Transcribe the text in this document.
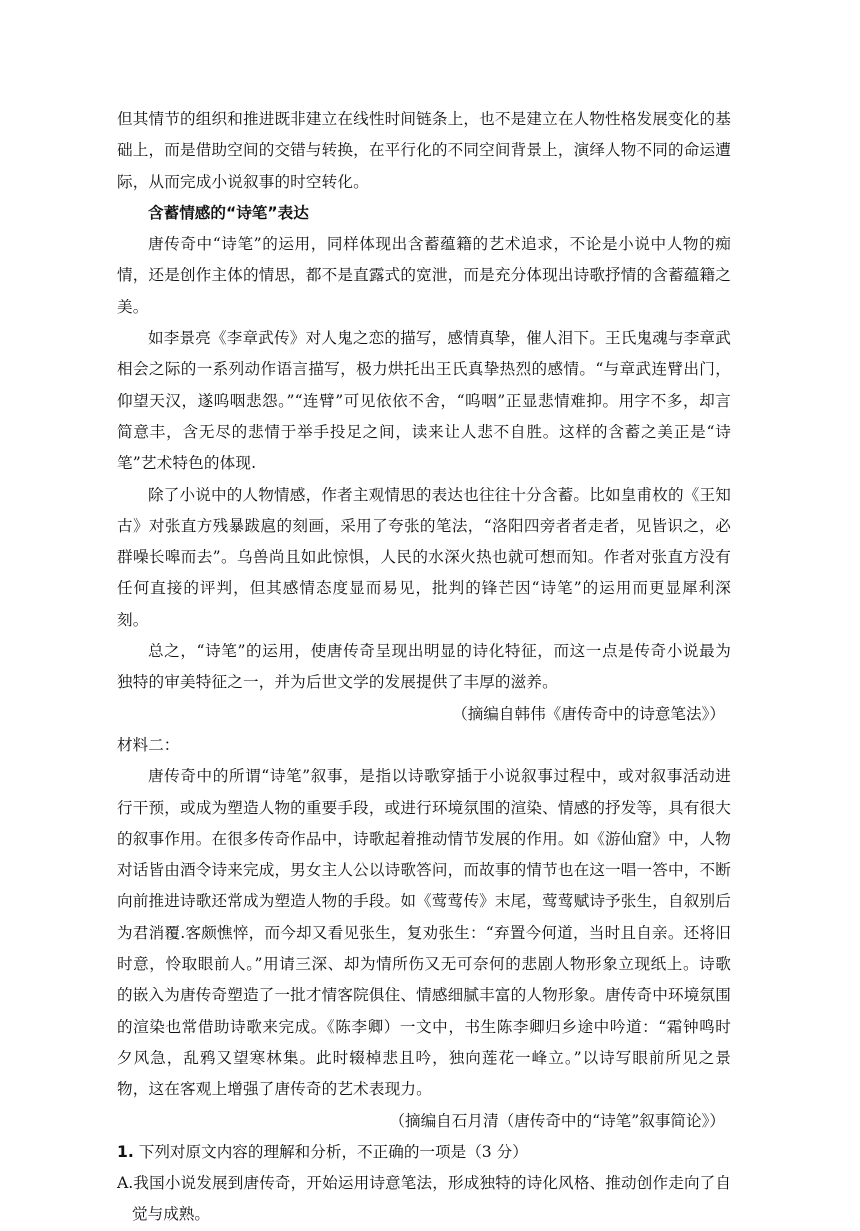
但其情节的组织和推进既非建立在线性时间链条上，也不是建立在人物性格发展变化的基础上，而是借助空间的交错与转换，在平行化的不同空间背景上，演绎人物不同的命运遭际，从而完成小说叙事的时空转化。

含蓄情感的“诗笔”表达

唐传奇中“诗笔”的运用，同样体现出含蓄蕴籍的艺术追求，不论是小说中人物的痴情，还是创作主体的情思，都不是直露式的宽泄，而是充分体现出诗歌抒情的含蓄蕴籍之美。

如李景亮《李章武传》对人鬼之恋的描写，感情真挚，催人泪下。王氏鬼魂与李章武相会之际的一系列动作语言描写，极力烘托出王氏真挚热烈的感情。“与章武连臂出门，仰望天汉，遂呜咽悲怨。”“连臂”可见依依不舍，“呜咽”正显悲情难抑。用字不多，却言简意丰，含无尽的悲情于举手投足之间，读来让人悲不自胜。这样的含蓄之美正是“诗笔”艺术特色的体现.

除了小说中的人物情感，作者主观情思的表达也往往十分含蓄。比如皇甫枚的《王知古》对张直方残暴跋扈的刻画，采用了夸张的笔法，“洛阳四旁者者走者，见皆识之，必群噪长嗥而去”。乌兽尚且如此惊惧，人民的水深火热也就可想而知。作者对张直方没有任何直接的评判，但其感情态度显而易见，批判的锋芒因“诗笔”的运用而更显犀利深刻。

总之，“诗笔”的运用，使唐传奇呈现出明显的诗化特征，而这一点是传奇小说最为独特的审美特征之一，并为后世文学的发展提供了丰厚的滋养。

（摘编自韩伟《唐传奇中的诗意笔法》）

材料二：

唐传奇中的所谓“诗笔”叙事，是指以诗歌穿插于小说叙事过程中，或对叙事活动进行干预，或成为塑造人物的重要手段，或进行环境氛围的渲染、情感的抒发等，具有很大的叙事作用。在很多传奇作品中，诗歌起着推动情节发展的作用。如《游仙窟》中，人物对话皆由酒令诗来完成，男女主人公以诗歌答问，而故事的情节也在这一唱一答中，不断向前推进诗歌还常成为塑造人物的手段。如《莺莺传》末尾，莺莺赋诗予张生，自叙别后为君消覆.客颇憔悴，而今却又看见张生，复劝张生：“弃置今何道，当时且自亲。还将旧时意，怜取眼前人。”用请三深、却为情所伤又无可奈何的悲剧人物形象立现纸上。诗歌的嵌入为唐传奇塑造了一批才情客院俱住、情感细腻丰富的人物形象。唐传奇中环境氛围的渲染也常借助诗歌来完成。《陈李卿）一文中，书生陈李卿归乡途中吟道：“霜钟鸣时夕风急，乱鸦又望寒林集。此时辍棹悲且吟，独向莲花一峰立。”以诗写眼前所见之景物，这在客观上增强了唐传奇的艺术表现力。

（摘编自石月清（唐传奇中的“诗笔”叙事简论》）

1. 下列对原文内容的理解和分析，不正确的一项是（3 分）

A.我国小说发展到唐传奇，开始运用诗意笔法，形成独特的诗化风格、推动创作走向了自觉与成熟。
